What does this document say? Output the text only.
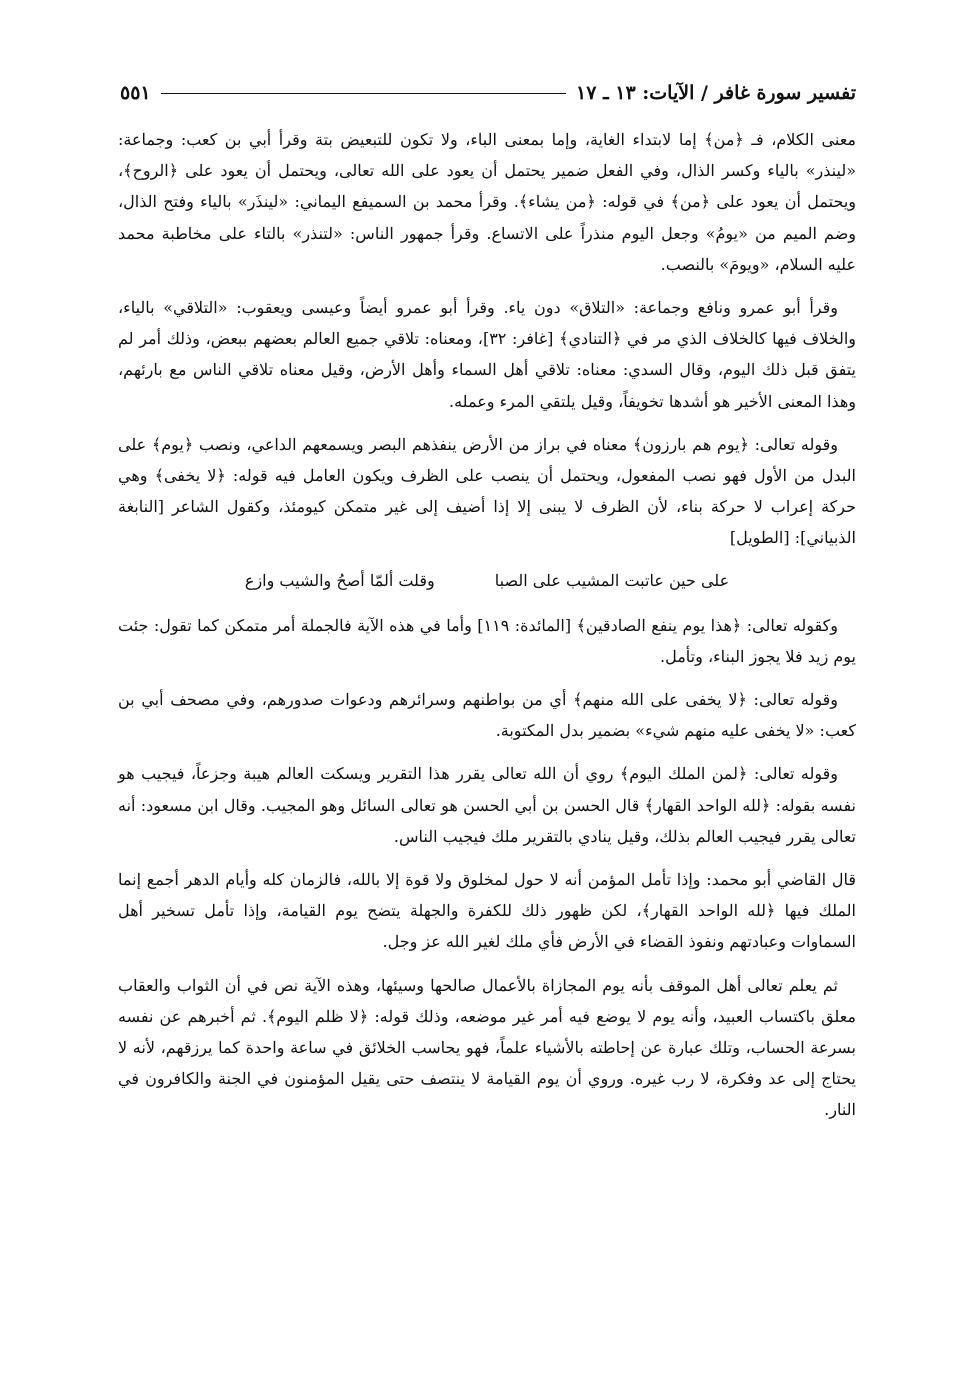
تفسير سورة غافر / الآيات: ١٣ ـ ١٧
٥٥١

معنى الكلام، فـ ﴿من﴾ إما لابتداء الغاية، وإما بمعنى الباء، ولا تكون للتبعيض بتة وقرأ أبي بن كعب: وجماعة: «لينذر» بالياء وكسر الذال، وفي الفعل ضمير يحتمل أن يعود على الله تعالى، ويحتمل أن يعود على ﴿الروح﴾، ويحتمل أن يعود على ﴿من﴾ في قوله: ﴿من يشاء﴾. وقرأ محمد بن السميفع اليماني: «لينذَر» بالياء وفتح الذال، وضم الميم من «يومُ» وجعل اليوم منذراً على الاتساع. وقرأ جمهور الناس: «لتنذر» بالتاء على مخاطبة محمد عليه السلام، «ويومَ» بالنصب.

وقرأ أبو عمرو ونافع وجماعة: «التلاق» دون ياء. وقرأ أبو عمرو أيضاً وعيسى ويعقوب: «التلاقي» بالياء، والخلاف فيها كالخلاف الذي مر في ﴿التنادي﴾ [غافر: ٣٢]، ومعناه: تلاقي جميع العالم بعضهم ببعض، وذلك أمر لم يتفق قبل ذلك اليوم، وقال السدي: معناه: تلاقي أهل السماء وأهل الأرض، وقيل معناه تلاقي الناس مع بارئهم، وهذا المعنى الأخير هو أشدها تخويفاً، وقيل يلتقي المرء وعمله.

وقوله تعالى: ﴿يوم هم بارزون﴾ معناه في براز من الأرض ينفذهم البصر ويسمعهم الداعي، ونصب ﴿يوم﴾ على البدل من الأول فهو نصب المفعول، ويحتمل أن ينصب على الظرف ويكون العامل فيه قوله: ﴿لا يخفى﴾ وهي حركة إعراب لا حركة بناء، لأن الظرف لا يبنى إلا إذا أضيف إلى غير متمكن كيومئذ، وكقول الشاعر [النابغة الذبياني]: [الطويل]

على حين عاتبت المشيب على الصبا
وقلت ألمّا أصحُ والشيب وازع

وكقوله تعالى: ﴿هذا يوم ينفع الصادقين﴾ [المائدة: ١١٩] وأما في هذه الآية فالجملة أمر متمكن كما تقول: جئت يوم زيد فلا يجوز البناء، وتأمل.

وقوله تعالى: ﴿لا يخفى على الله منهم﴾ أي من بواطنهم وسرائرهم ودعوات صدورهم، وفي مصحف أبي بن كعب: «لا يخفى عليه منهم شيء» بضمير بدل المكتوبة.

وقوله تعالى: ﴿لمن الملك اليوم﴾ روي أن الله تعالى يقرر هذا التقرير ويسكت العالم هيبة وجزعاً، فيجيب هو نفسه بقوله: ﴿لله الواحد القهار﴾ قال الحسن بن أبي الحسن هو تعالى السائل وهو المجيب. وقال ابن مسعود: أنه تعالى يقرر فيجيب العالم بذلك، وقيل ينادي بالتقرير ملك فيجيب الناس.

قال القاضي أبو محمد: وإذا تأمل المؤمن أنه لا حول لمخلوق ولا قوة إلا بالله، فالزمان كله وأيام الدهر أجمع إنما الملك فيها ﴿لله الواحد القهار﴾، لكن ظهور ذلك للكفرة والجهلة يتضح يوم القيامة، وإذا تأمل تسخير أهل السماوات وعبادتهم ونفوذ القضاء في الأرض فأي ملك لغير الله عز وجل.

ثم يعلم تعالى أهل الموقف بأنه يوم المجازاة بالأعمال صالحها وسيئها، وهذه الآية نص في أن الثواب والعقاب معلق باكتساب العبيد، وأنه يوم لا يوضع فيه أمر غير موضعه، وذلك قوله: ﴿لا ظلم اليوم﴾. ثم أخبرهم عن نفسه بسرعة الحساب، وتلك عبارة عن إحاطته بالأشياء علماً، فهو يحاسب الخلائق في ساعة واحدة كما يرزقهم، لأنه لا يحتاج إلى عد وفكرة، لا رب غيره. وروي أن يوم القيامة لا ينتصف حتى يقيل المؤمنون في الجنة والكافرون في النار.
